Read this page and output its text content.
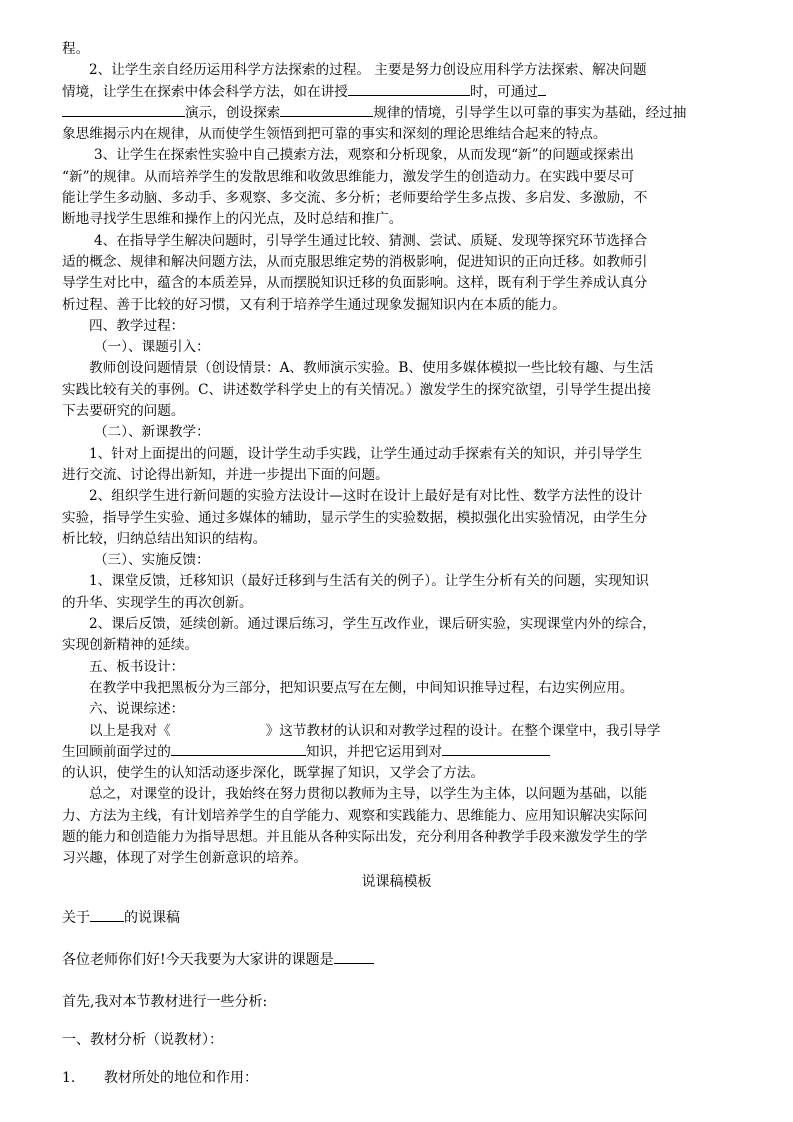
程。

2、让学生亲自经历运用科学方法探索的过程。 主要是努力创设应用科学方法探索、解决问题

情境，让学生在探索中体会科学方法，如在讲授	时，可通过

演示，创设探索	规律的情境，引导学生以可靠的事实为基础，经过抽

象思维揭示内在规律，从而使学生领悟到把可靠的事实和深刻的理论思维结合起来的特点。

3、让学生在探索性实验中自己摸索方法，观察和分析现象，从而发现“新”的问题或探索出

“新”的规律。从而培养学生的发散思维和收敛思维能力，激发学生的创造动力。在实践中要尽可

能让学生多动脑、多动手、多观察、多交流、多分析；老师要给学生多点拨、多启发、多激励，不

断地寻找学生思维和操作上的闪光点，及时总结和推广。

4、在指导学生解决问题时，引导学生通过比较、猜测、尝试、质疑、发现等探究环节选择合

适的概念、规律和解决问题方法，从而克服思维定势的消极影响，促进知识的正向迁移。如教师引

导学生对比中，蕴含的本质差异，从而摆脱知识迁移的负面影响。这样，既有利于学生养成认真分

析过程、善于比较的好习惯，又有利于培养学生通过现象发掘知识内在本质的能力。

四、教学过程：

（一）、课题引入：

教师创设问题情景（创设情景：A、教师演示实验。B、使用多媒体模拟一些比较有趣、与生活

实践比较有关的事例。C、讲述数学科学史上的有关情况。）激发学生的探究欲望，引导学生提出接

下去要研究的问题。

（二）、新课教学：

1、针对上面提出的问题，设计学生动手实践，让学生通过动手探索有关的知识，并引导学生

进行交流、讨论得出新知，并进一步提出下面的问题。

2、组织学生进行新问题的实验方法设计—这时在设计上最好是有对比性、数学方法性的设计

实验，指导学生实验、通过多媒体的辅助，显示学生的实验数据，模拟强化出实验情况，由学生分

析比较，归纳总结出知识的结构。

（三）、实施反馈：

1、课堂反馈，迁移知识（最好迁移到与生活有关的例子）。让学生分析有关的问题，实现知识

的升华、实现学生的再次创新。

2、课后反馈，延续创新。通过课后练习，学生互改作业，课后研实验，实现课堂内外的综合，

实现创新精神的延续。

五、板书设计：

在教学中我把黑板分为三部分，把知识要点写在左侧，中间知识推导过程，右边实例应用。

六、说课综述：

以上是我对《	》这节教材的认识和对教学过程的设计。在整个课堂中，我引导学

生回顾前面学过的	知识，并把它运用到对

的认识，使学生的认知活动逐步深化，既掌握了知识，又学会了方法。

总之，对课堂的设计，我始终在努力贯彻以教师为主导，以学生为主体，以问题为基础，以能

力、方法为主线，有计划培养学生的自学能力、观察和实践能力、思维能力、应用知识解决实际问

题的能力和创造能力为指导思想。并且能从各种实际出发，充分利用各种教学手段来激发学生的学

习兴趣，体现了对学生创新意识的培养。

说课稿模板

关于 的说课稿

各位老师你们好!今天我要为大家讲的课题是

首先,我对本节教材进行一些分析:

一、教材分析（说教材）：

1. 教材所处的地位和作用：
